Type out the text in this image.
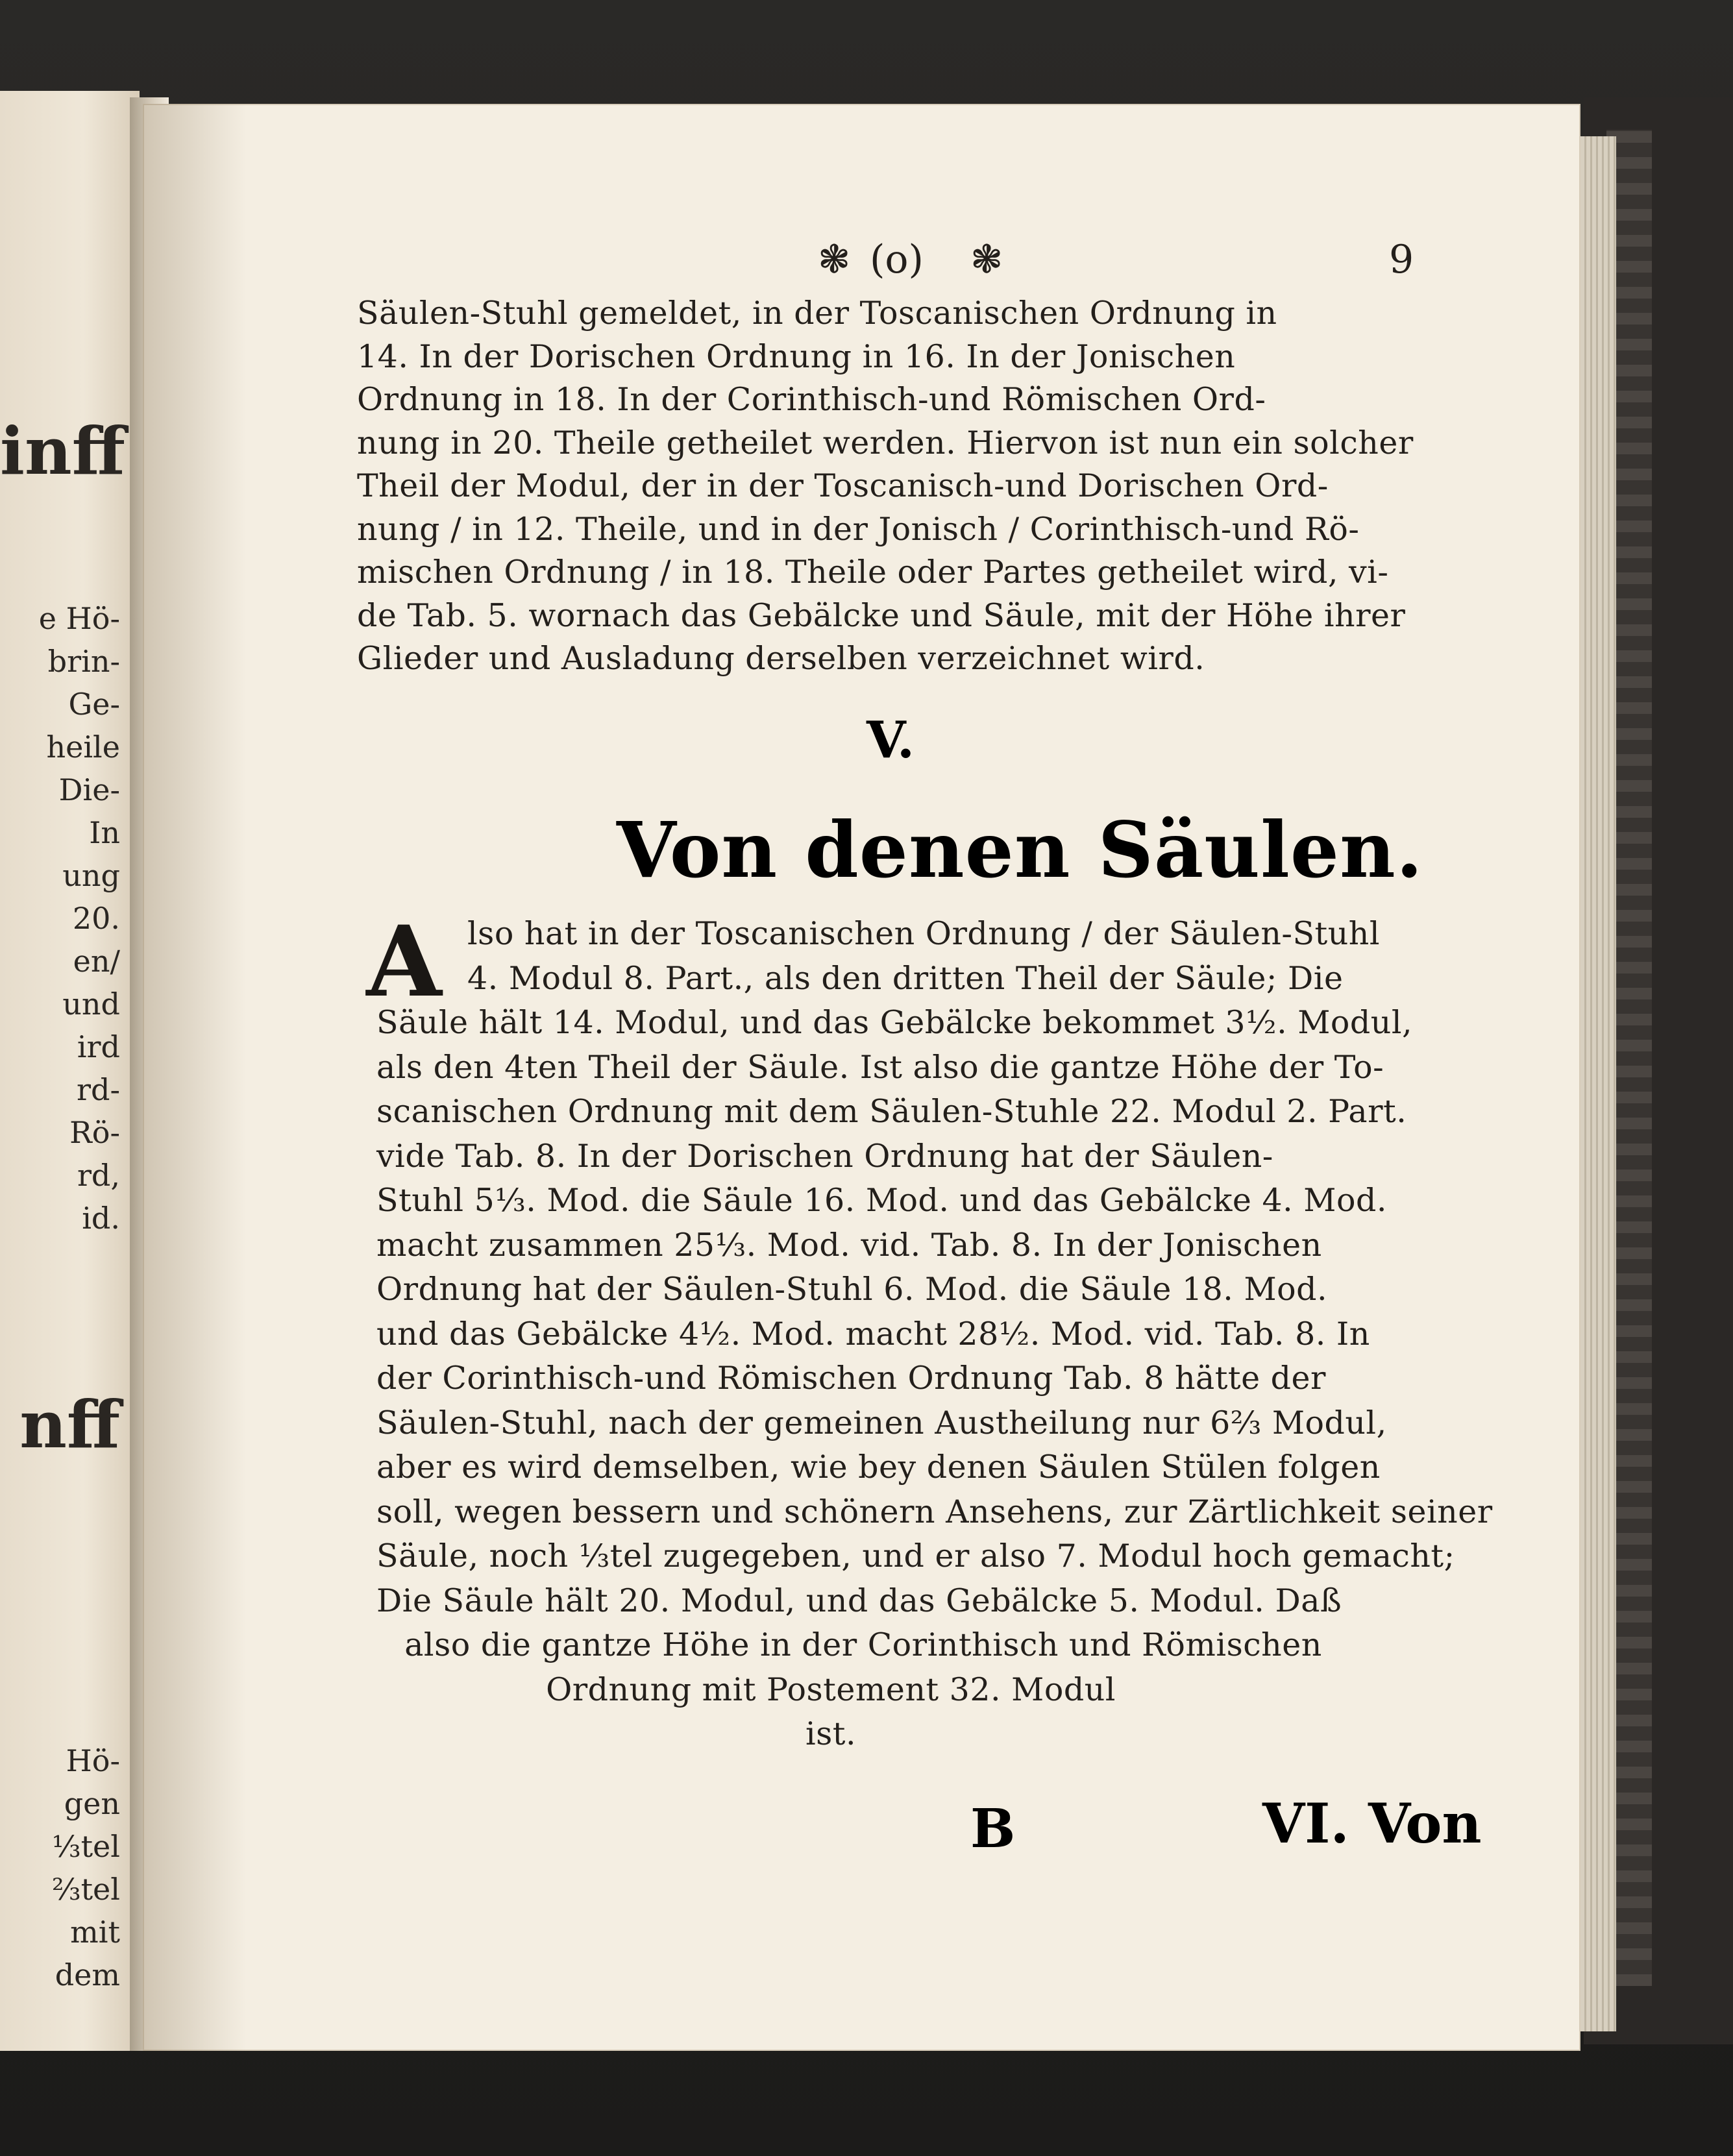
inff
e Hö-
brin-
Ge-
heile
Die-
In
ung
20.
en/
und
ird
rd-
Rö-
rd,
id.
nff
Hö-
gen
⅓tel
⅔tel
mit
dem
❃ (o) ❃	9
Säulen-Stuhl gemeldet, in der Toscanischen Ordnung in
14. In der Dorischen Ordnung in 16. In der Jonischen
Ordnung in 18. In der Corinthisch-und Römischen Ord-
nung in 20. Theile getheilet werden. Hiervon ist nun ein solcher
Theil der Modul, der in der Toscanisch-und Dorischen Ord-
nung / in 12. Theile, und in der Jonisch / Corinthisch-und Rö-
mischen Ordnung / in 18. Theile oder Partes getheilet wird, vi-
de Tab. 5. wornach das Gebälcke und Säule, mit der Höhe ihrer
Glieder und Ausladung derselben verzeichnet wird.
V.
Von denen Säulen.
A lso hat in der Toscanischen Ordnung / der Säulen-Stuhl
4. Modul 8. Part., als den dritten Theil der Säule; Die
Säule hält 14. Modul, und das Gebälcke bekommet 3½. Modul,
als den 4ten Theil der Säule. Ist also die gantze Höhe der To-
scanischen Ordnung mit dem Säulen-Stuhle 22. Modul 2. Part.
vide Tab. 8. In der Dorischen Ordnung hat der Säulen-
Stuhl 5⅓. Mod. die Säule 16. Mod. und das Gebälcke 4. Mod.
macht zusammen 25⅓. Mod. vid. Tab. 8. In der Jonischen
Ordnung hat der Säulen-Stuhl 6. Mod. die Säule 18. Mod.
und das Gebälcke 4½. Mod. macht 28½. Mod. vid. Tab. 8. In
der Corinthisch-und Römischen Ordnung Tab. 8 hätte der
Säulen-Stuhl, nach der gemeinen Austheilung nur 6⅔ Modul,
aber es wird demselben, wie bey denen Säulen Stülen folgen
soll, wegen bessern und schönern Ansehens, zur Zärtlichkeit seiner
Säule, noch ⅓tel zugegeben, und er also 7. Modul hoch gemacht;
Die Säule hält 20. Modul, und das Gebälcke 5. Modul. Daß
also die gantze Höhe in der Corinthisch und Römischen
Ordnung mit Postement 32. Modul
ist.
B	VI. Von
